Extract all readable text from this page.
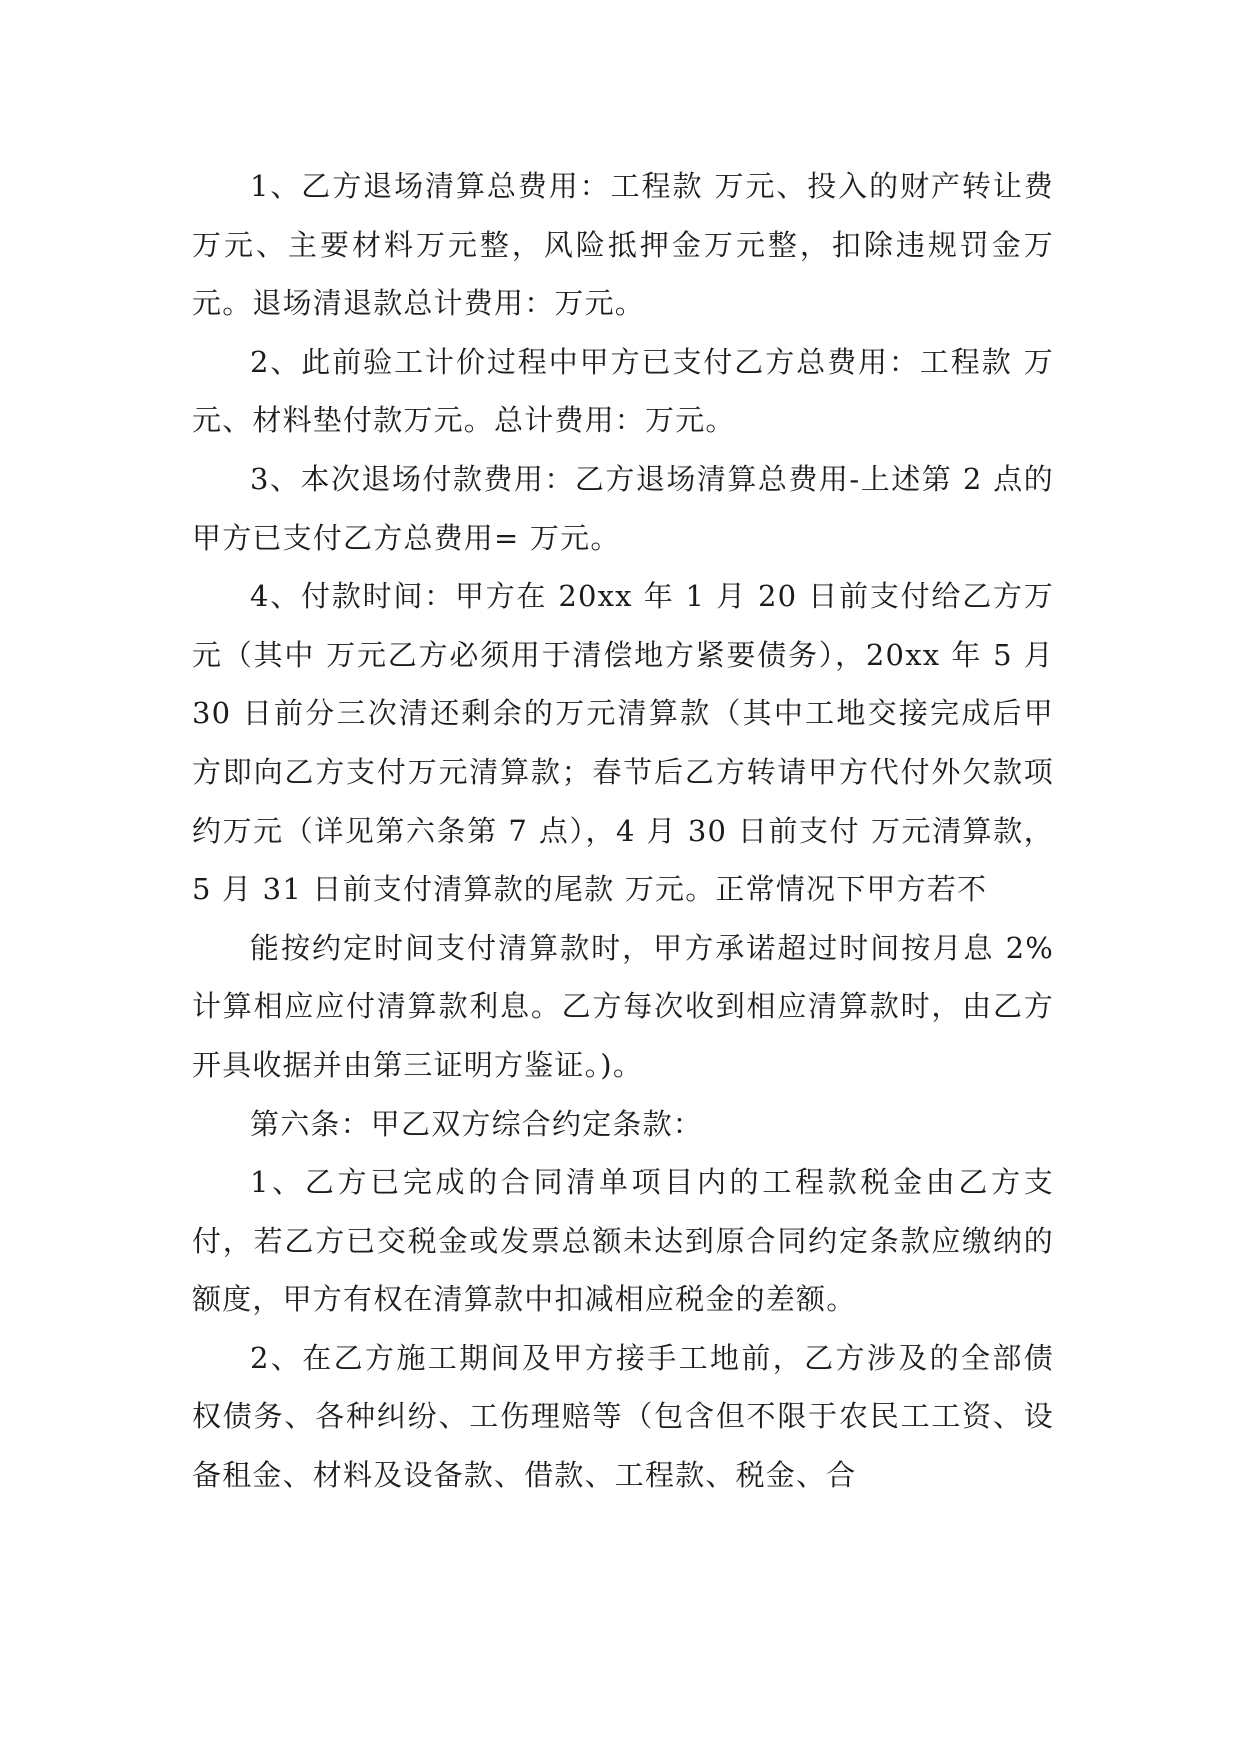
1、乙方退场清算总费用：工程款 万元、投入的财产转让费万元、主要材料万元整，风险抵押金万元整，扣除违规罚金万元。退场清退款总计费用：万元。

2、此前验工计价过程中甲方已支付乙方总费用：工程款 万元、材料垫付款万元。总计费用：万元。

3、本次退场付款费用：乙方退场清算总费用-上述第 2 点的甲方已支付乙方总费用= 万元。

4、付款时间：甲方在 20xx 年 1 月 20 日前支付给乙方万元（其中 万元乙方必须用于清偿地方紧要债务），20xx 年 5 月 30 日前分三次清还剩余的万元清算款（其中工地交接完成后甲方即向乙方支付万元清算款；春节后乙方转请甲方代付外欠款项约万元（详见第六条第 7 点），4 月 30 日前支付 万元清算款，5 月 31 日前支付清算款的尾款 万元。正常情况下甲方若不

能按约定时间支付清算款时，甲方承诺超过时间按月息 2%计算相应应付清算款利息。乙方每次收到相应清算款时，由乙方开具收据并由第三证明方鉴证。)。

第六条：甲乙双方综合约定条款：

1、乙方已完成的合同清单项目内的工程款税金由乙方支付，若乙方已交税金或发票总额未达到原合同约定条款应缴纳的额度，甲方有权在清算款中扣减相应税金的差额。

2、在乙方施工期间及甲方接手工地前，乙方涉及的全部债权债务、各种纠纷、工伤理赔等（包含但不限于农民工工资、设备租金、材料及设备款、借款、工程款、税金、合
